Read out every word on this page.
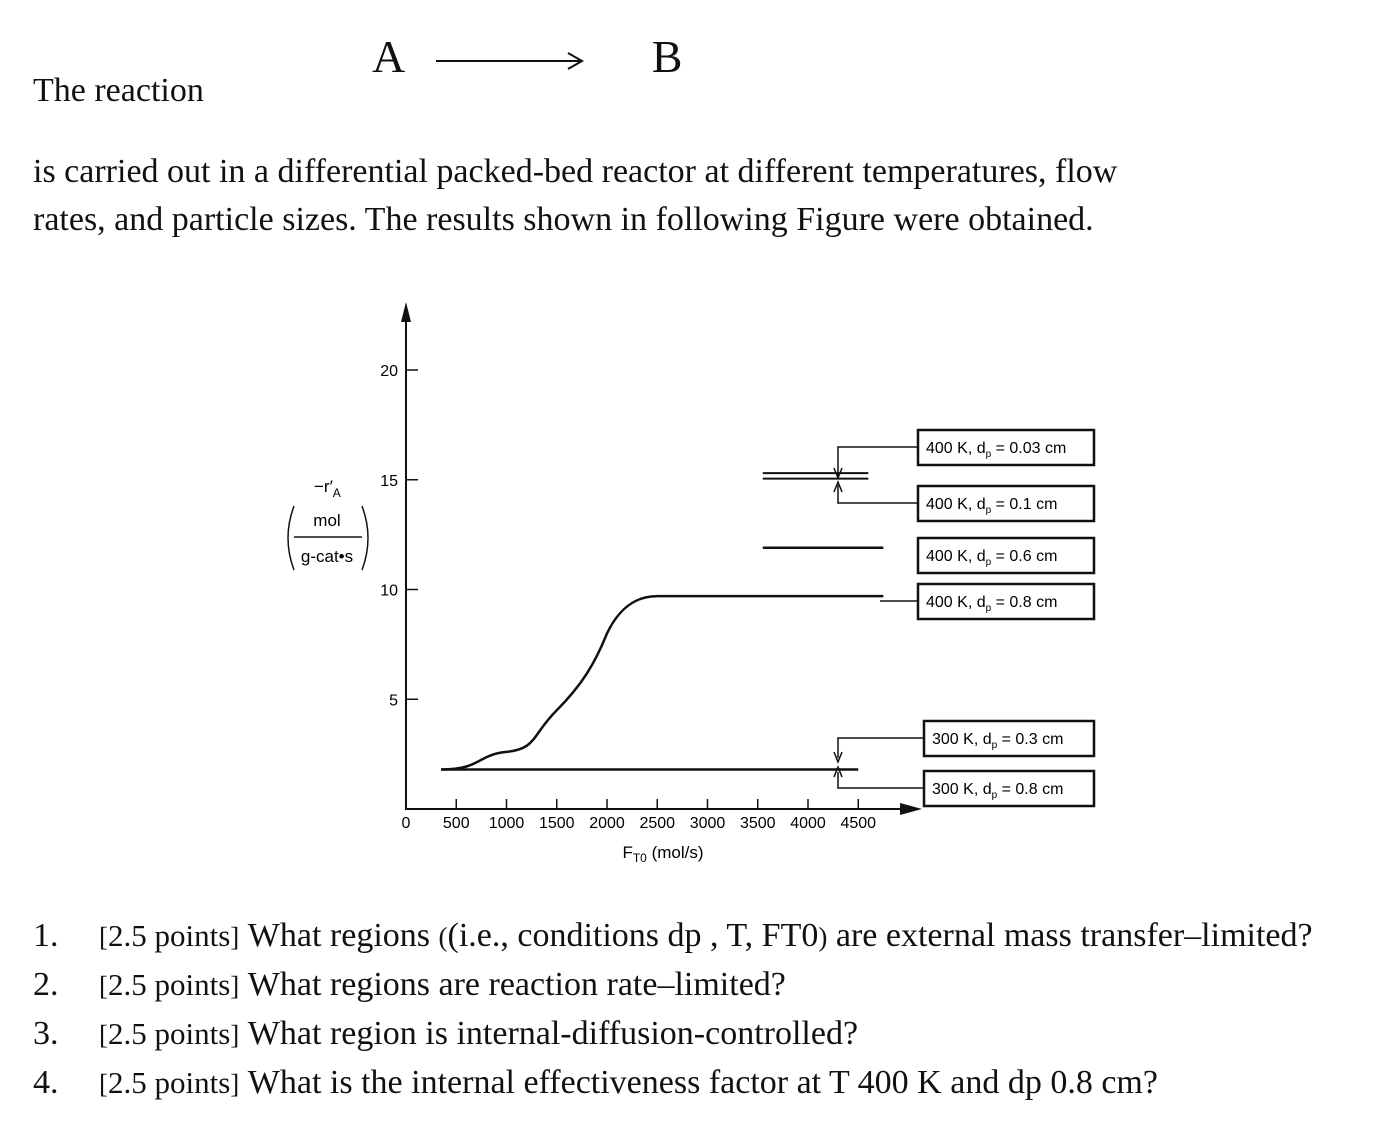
A	B
The reaction
is carried out in a differential packed-bed reactor at different temperatures, flow
rates, and particle sizes. The results shown in following Figure were obtained.
5
10
15
20
500 1000 1500 2000 2500 3000 3500 4000 4500
0
$-r'_A$
mol
g-cat•s
$F_{T0}$ (mol/s)
400 K, $d_p = 0.03$ cm
400 K, $d_p = 0.1$ cm
400 K, $d_p = 0.6$ cm
400 K, $d_p = 0.8$ cm
300 K, $d_p = 0.3$ cm
300 K, $d_p = 0.8$ cm
1.	[2.5 points] What regions ((i.e., conditions dp , T, FT0) are external mass transfer–limited?
2.	[2.5 points] What regions are reaction rate–limited?
3.	[2.5 points] What region is internal-diffusion-controlled?
4.	[2.5 points] What is the internal effectiveness factor at T 400 K and dp 0.8 cm?
